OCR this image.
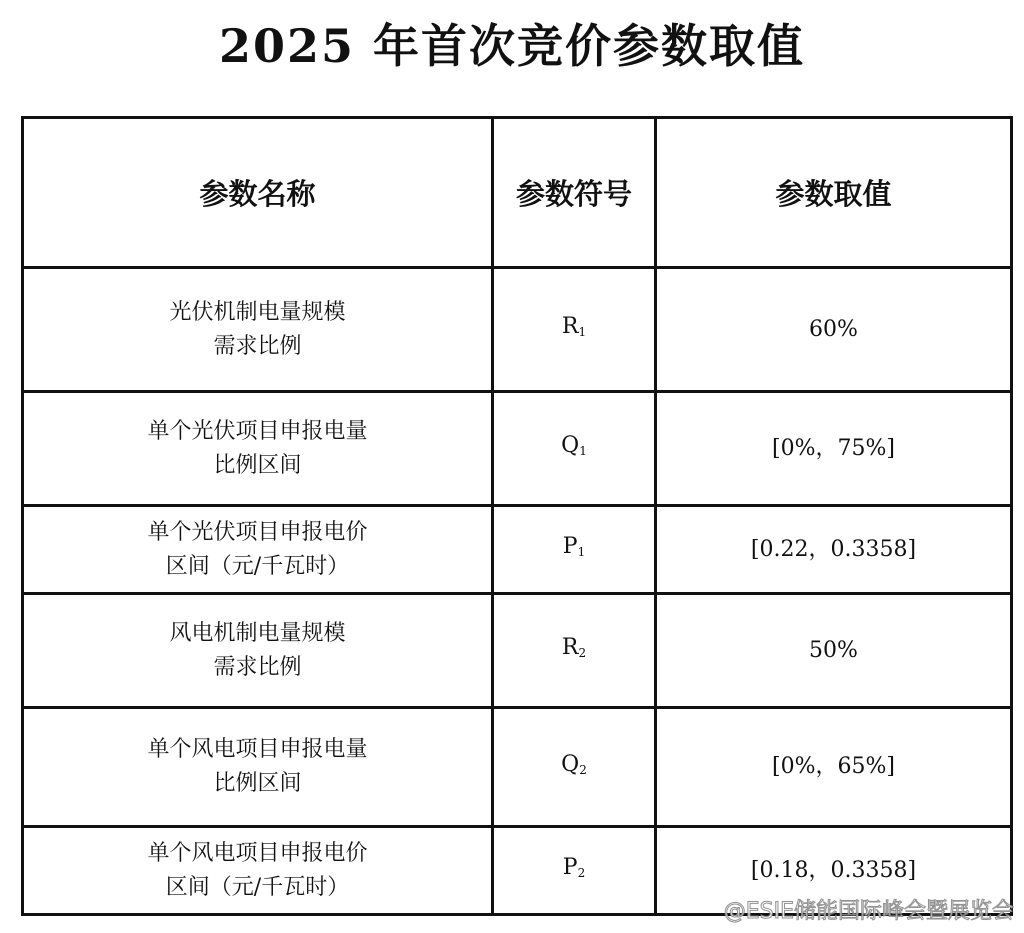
2025 年首次竞价参数取值
参数名称	参数符号	参数取值

光伏机制电量规模
需求比例	$R_1$	60%

单个光伏项目申报电量
比例区间	$Q_1$	[0%，75%]

单个光伏项目申报电价
区间（元/千瓦时）	$P_1$	[0.22，0.3358]

风电机制电量规模
需求比例	$R_2$	50%

单个风电项目申报电量
比例区间	$Q_2$	[0%，65%]

单个风电项目申报电价
区间（元/千瓦时）	$P_2$	[0.18，0.3358]
@ESIE储能国际峰会暨展览会
